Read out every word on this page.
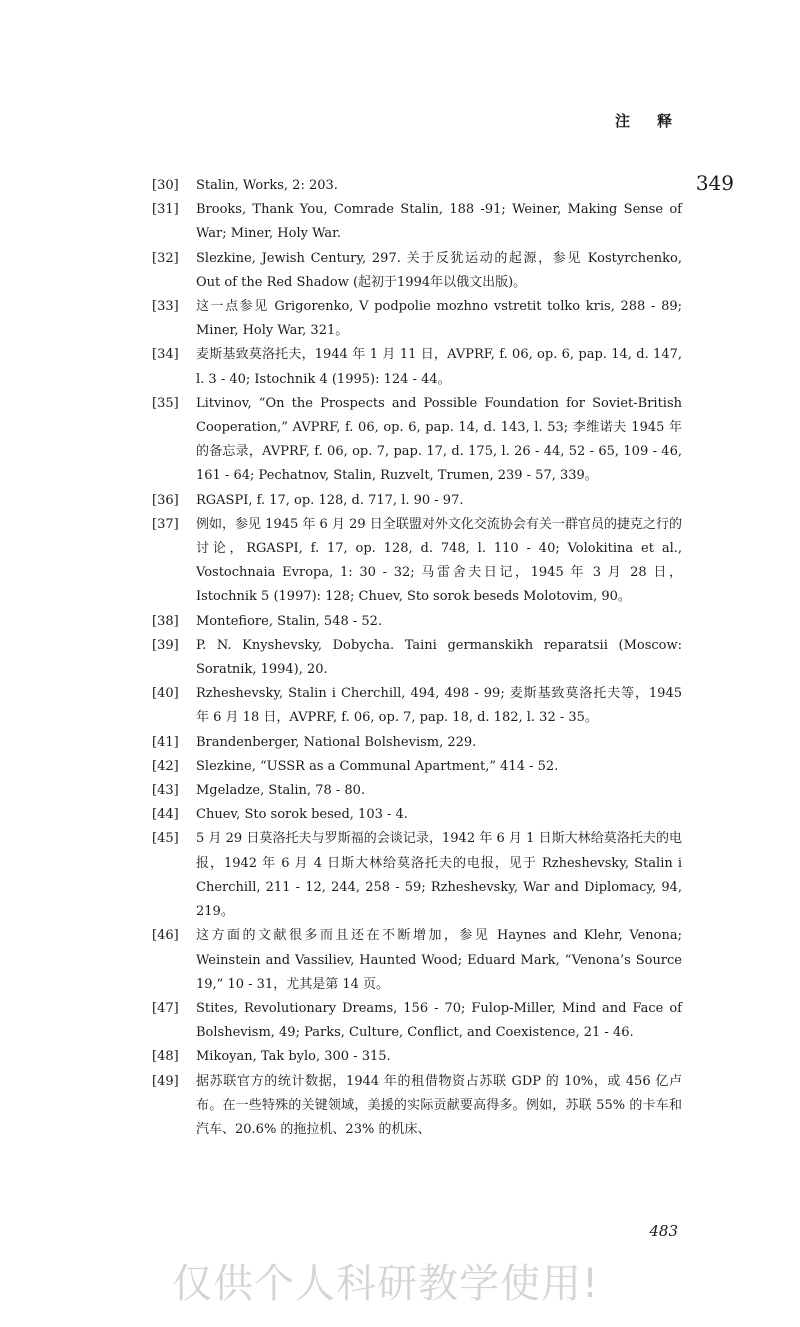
注　释
349
[30]	Stalin, Works, 2: 203.
[31]	Brooks, Thank You, Comrade Stalin, 188 -91; Weiner, Making Sense of War; Miner, Holy War.
[32]	Slezkine, Jewish Century, 297. 关于反犹运动的起源，参见 Kostyrchenko, Out of the Red Shadow (起初于1994年以俄文出版)。
[33]	这一点参见 Grigorenko, V podpolie mozhno vstretit tolko kris, 288 - 89; Miner, Holy War, 321。
[34]	麦斯基致莫洛托夫，1944 年 1 月 11 日，AVPRF, f. 06, op. 6, pap. 14, d. 147, l. 3 - 40; Istochnik 4 (1995): 124 - 44。
[35]	Litvinov, “On the Prospects and Possible Foundation for Soviet-British Cooperation,” AVPRF, f. 06, op. 6, pap. 14, d. 143, l. 53; 李维诺夫 1945 年的备忘录，AVPRF, f. 06, op. 7, pap. 17, d. 175, l. 26 - 44, 52 - 65, 109 - 46, 161 - 64; Pechatnov, Stalin, Ruzvelt, Trumen, 239 - 57, 339。
[36]	RGASPI, f. 17, op. 128, d. 717, l. 90 - 97.
[37]	例如，参见 1945 年 6 月 29 日全联盟对外文化交流协会有关一群官员的捷克之行的讨论，RGASPI, f. 17, op. 128, d. 748, l. 110 - 40; Volokitina et al., Vostochnaia Evropa, 1: 30 - 32; 马雷舍夫日记，1945 年 3 月 28 日，Istochnik 5 (1997): 128; Chuev, Sto sorok beseds Molotovim, 90。
[38]	Montefiore, Stalin, 548 - 52.
[39]	P. N. Knyshevsky, Dobycha. Taini germanskikh reparatsii (Moscow: Soratnik, 1994), 20.
[40]	Rzheshevsky, Stalin i Cherchill, 494, 498 - 99; 麦斯基致莫洛托夫等，1945 年 6 月 18 日，AVPRF, f. 06, op. 7, pap. 18, d. 182, l. 32 - 35。
[41]	Brandenberger, National Bolshevism, 229.
[42]	Slezkine, “USSR as a Communal Apartment,” 414 - 52.
[43]	Mgeladze, Stalin, 78 - 80.
[44]	Chuev, Sto sorok besed, 103 - 4.
[45]	5 月 29 日莫洛托夫与罗斯福的会谈记录，1942 年 6 月 1 日斯大林给莫洛托夫的电报，1942 年 6 月 4 日斯大林给莫洛托夫的电报，见于 Rzheshevsky, Stalin i Cherchill, 211 - 12, 244, 258 - 59; Rzheshevsky, War and Diplomacy, 94, 219。
[46]	这方面的文献很多而且还在不断增加，参见 Haynes and Klehr, Venona; Weinstein and Vassiliev, Haunted Wood; Eduard Mark, “Venona’s Source 19,” 10 - 31，尤其是第 14 页。
[47]	Stites, Revolutionary Dreams, 156 - 70; Fulop-Miller, Mind and Face of Bolshevism, 49; Parks, Culture, Conflict, and Coexistence, 21 - 46.
[48]	Mikoyan, Tak bylo, 300 - 315.
[49]	据苏联官方的统计数据，1944 年的租借物资占苏联 GDP 的 10%，或 456 亿卢布。在一些特殊的关键领域，美援的实际贡献要高得多。例如，苏联 55% 的卡车和汽车、20.6% 的拖拉机、23% 的机床、
483
仅供个人科研教学使用!
